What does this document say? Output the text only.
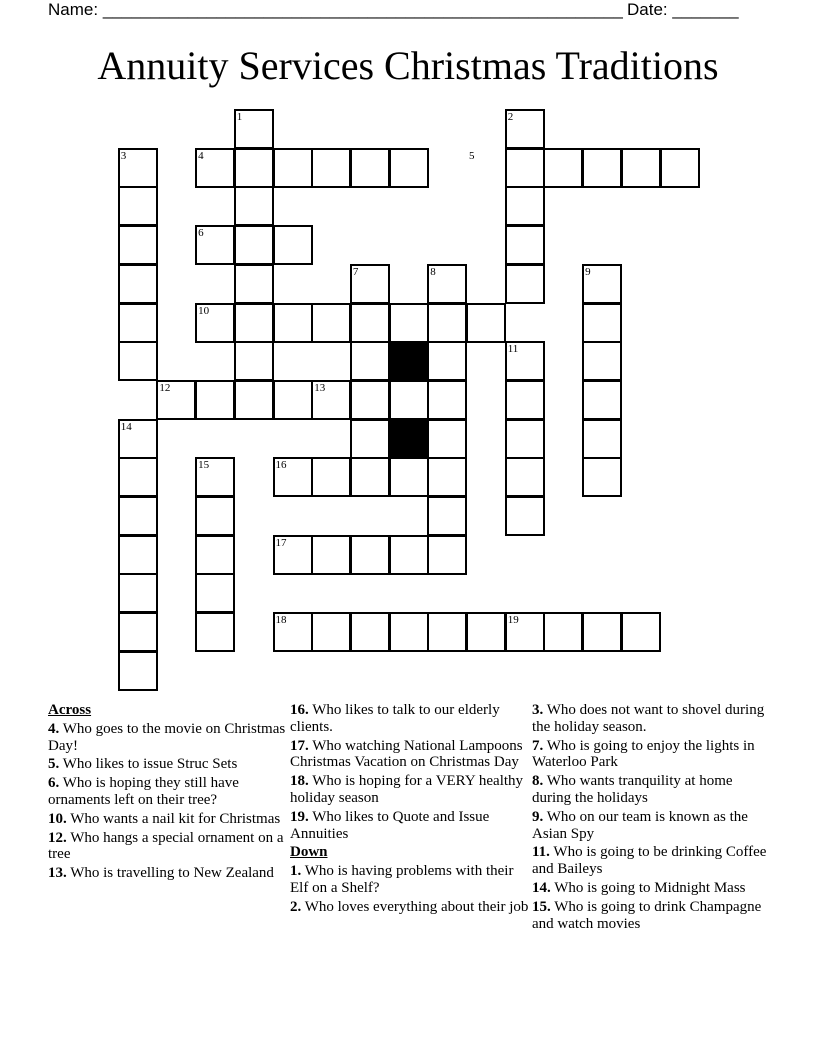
Name: _______________________________________________________ Date: _______
Annuity Services Christmas Traditions
1	2
3	4	5
6
7	8	9
10
11
12	13
14
15	16
17
18	19
Across
4. Who goes to the movie on Christmas Day!
5. Who likes to issue Struc Sets
6. Who is hoping they still have ornaments left on their tree?
10. Who wants a nail kit for Christmas
12. Who hangs a special ornament on a tree
13. Who is travelling to New Zealand
16. Who likes to talk to our elderly clients.
17. Who watching National Lampoons Christmas Vacation on Christmas Day
18. Who is hoping for a VERY healthy holiday season
19. Who likes to Quote and Issue Annuities
Down
1. Who is having problems with their Elf on a Shelf?
2. Who loves everything about their job
3. Who does not want to shovel during the holiday season.
7. Who is going to enjoy the lights in Waterloo Park
8. Who wants tranquility at home during the holidays
9. Who on our team is known as the Asian Spy
11. Who is going to be drinking Coffee and Baileys
14. Who is going to Midnight Mass
15. Who is going to drink Champagne and watch movies
